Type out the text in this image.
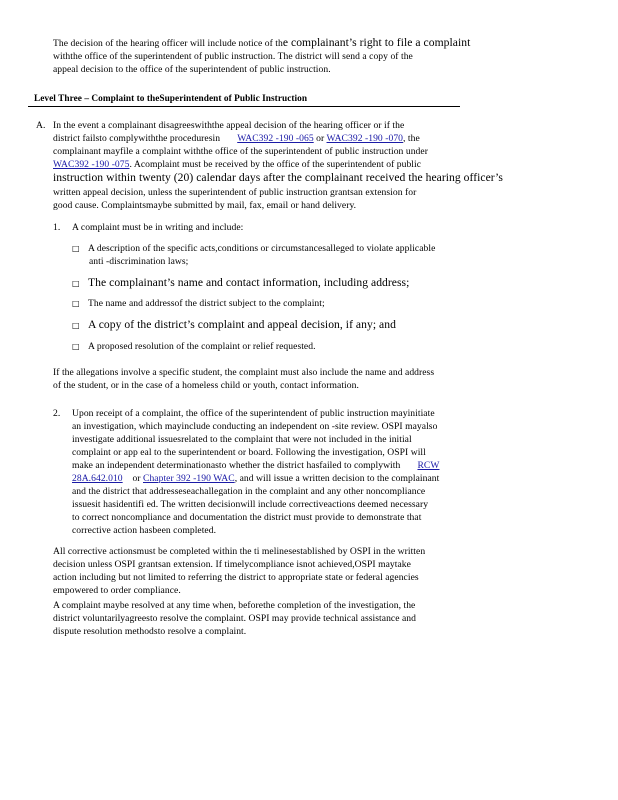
The decision of the hearing officer will include notice of the complainant’s right to file a complaint
withthe office of the superintendent of public instruction. The district will send a copy of the
appeal decision to the office of the superintendent of public instruction.
Level Three – Complaint to theSuperintendent of Public Instruction
A. In the event a complainant disagreeswiththe appeal decision of the hearing officer or if the
district failsto complywiththe proceduresin WAC392 -190 -065 or WAC392 -190 -070, the
complainant mayfile a complaint withthe office of the superintendent of public instruction under
WAC392 -190 -075. Acomplaint must be received by the office of the superintendent of public
instruction within twenty (20) calendar days after the complainant received the hearing officer’s
written appeal decision, unless the superintendent of public instruction grantsan extension for
good cause. Complaintsmaybe submitted by mail, fax, email or hand delivery.
1. A complaint must be in writing and include:
□ A description of the specific acts,conditions or circumstancesalleged to violate applicable
anti -discrimination laws;
□ The complainant’s name and contact information, including address;
□ The name and addressof the district subject to the complaint;
□ A copy of the district’s complaint and appeal decision, if any; and
□ A proposed resolution of the complaint or relief requested.
If the allegations involve a specific student, the complaint must also include the name and address
of the student, or in the case of a homeless child or youth, contact information.
2. Upon receipt of a complaint, the office of the superintendent of public instruction mayinitiate
an investigation, which mayinclude conducting an independent on -site review. OSPI mayalso
investigate additional issuesrelated to the complaint that were not included in the initial
complaint or app eal to the superintendent or board. Following the investigation, OSPI will
make an independent determinationasto whether the district hasfailed to complywith RCW
28A.642.010 or Chapter 392 -190 WAC, and will issue a written decision to the complainant
and the district that addresseseachallegation in the complaint and any other noncompliance
issuesit hasidentifi ed. The written decisionwill include correctiveactions deemed necessary
to correct noncompliance and documentation the district must provide to demonstrate that
corrective action hasbeen completed.
All corrective actionsmust be completed within the ti melinesestablished by OSPI in the written
decision unless OSPI grantsan extension. If timelycompliance isnot achieved,OSPI maytake
action including but not limited to referring the district to appropriate state or federal agencies
empowered to order compliance.
A complaint maybe resolved at any time when, beforethe completion of the investigation, the
district voluntarilyagreesto resolve the complaint. OSPI may provide technical assistance and
dispute resolution methodsto resolve a complaint.
